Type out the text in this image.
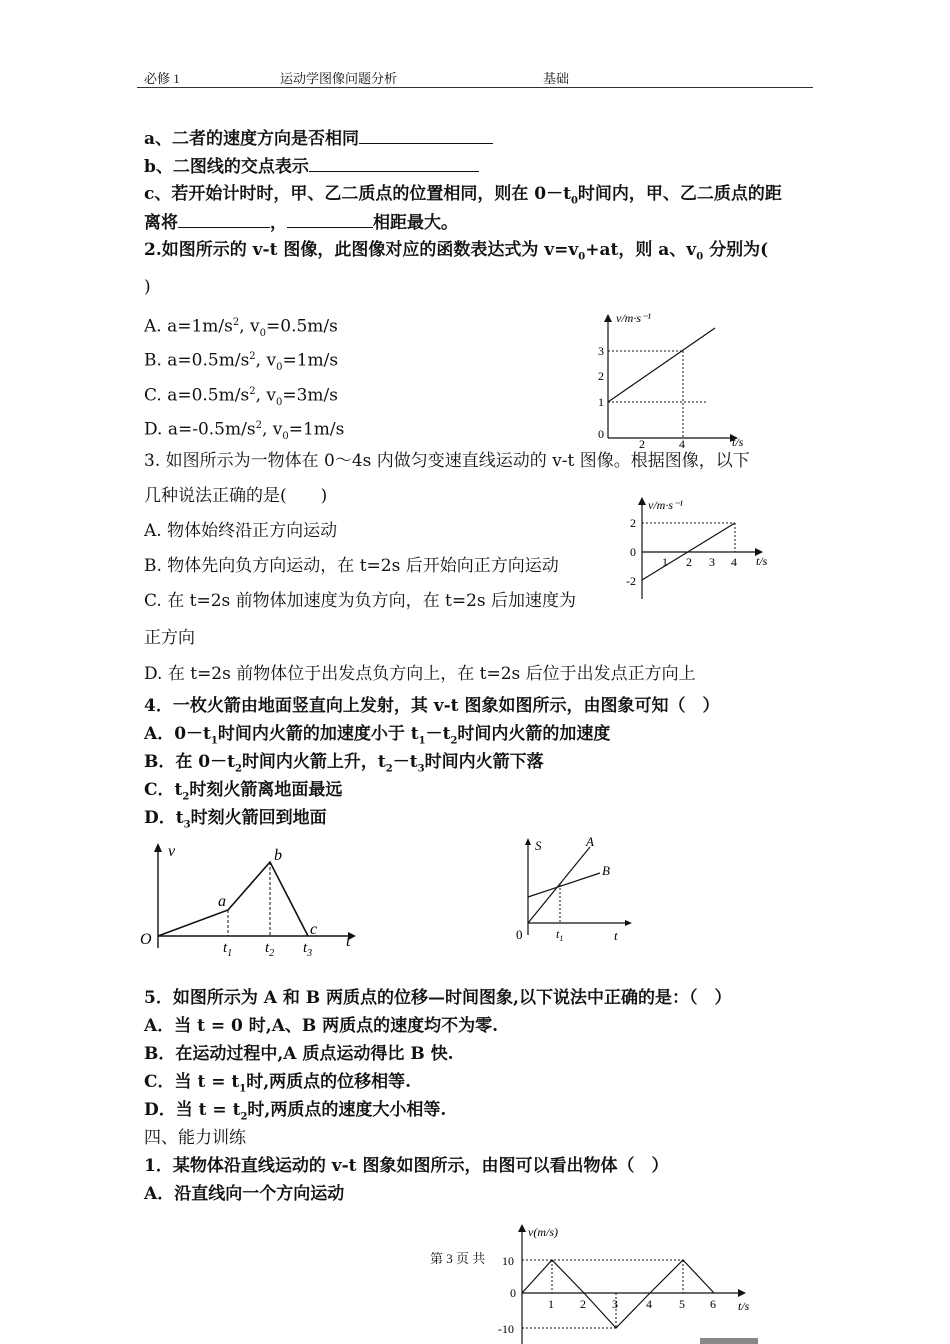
必修 1	运动学图像问题分析	基础
a、二者的速度方向是否相同
b、二图线的交点表示
c、若开始计时时，甲、乙二质点的位置相同，则在 $0-t_0$时间内，甲、乙二质点的距
离将	，	相距最大。
2.如图所示的 v-t 图像，此图像对应的函数表达式为 $v=v_0+at$，则 a、$v_0$ 分别为(
)
A. $a=1m/s^2$, $v_0=0.5m/s$
B. $a=0.5m/s^2$, $v_0=1m/s$
C. $a=0.5m/s^2$, $v_0=3m/s$
D. $a=-0.5m/s^2$, $v_0=1m/s$
v/m·s⁻¹
t/s
3
2
1
0
2	4
3. 如图所示为一物体在 0～4s 内做匀变速直线运动的 v-t 图像。根据图像，以下
几种说法正确的是(　　)
A. 物体始终沿正方向运动
B. 物体先向负方向运动，在 t=2s 后开始向正方向运动
C. 在 t=2s 前物体加速度为负方向，在 t=2s 后加速度为
正方向
D. 在 t=2s 前物体位于出发点负方向上，在 t=2s 后位于出发点正方向上
v/m·s⁻¹
t/s
2
0
-2
1 2 3 4
4．一枚火箭由地面竖直向上发射，其 v-t 图象如图所示，由图象可知（　）
A．$0-t_1$时间内火箭的加速度小于 $t_1-t_2$时间内火箭的加速度
B．在 $0-t_2$时间内火箭上升，$t_2-t_3$时间内火箭下落
C．$t_2$时刻火箭离地面最远
D．$t_3$时刻火箭回到地面
O
v
t
a
b
c
$t_1$ $t_2$ $t_3$
S	A
B
0	$t_1$	t
5．如图所示为 A 和 B 两质点的位移—时间图象,以下说法中正确的是：（　）
A．当 t = 0 时,A、B 两质点的速度均不为零.
B．在运动过程中,A 质点运动得比 B 快.
C．当 $t = t_1$时,两质点的位移相等.
D．当 $t = t_2$时,两质点的速度大小相等.
四、能力训练
1．某物体沿直线运动的 v-t 图象如图所示，由图可以看出物体（　）
A．沿直线向一个方向运动
v(m/s)
t/s
10
0
-10
1 2 3 4 5 6
第 3 页 共
